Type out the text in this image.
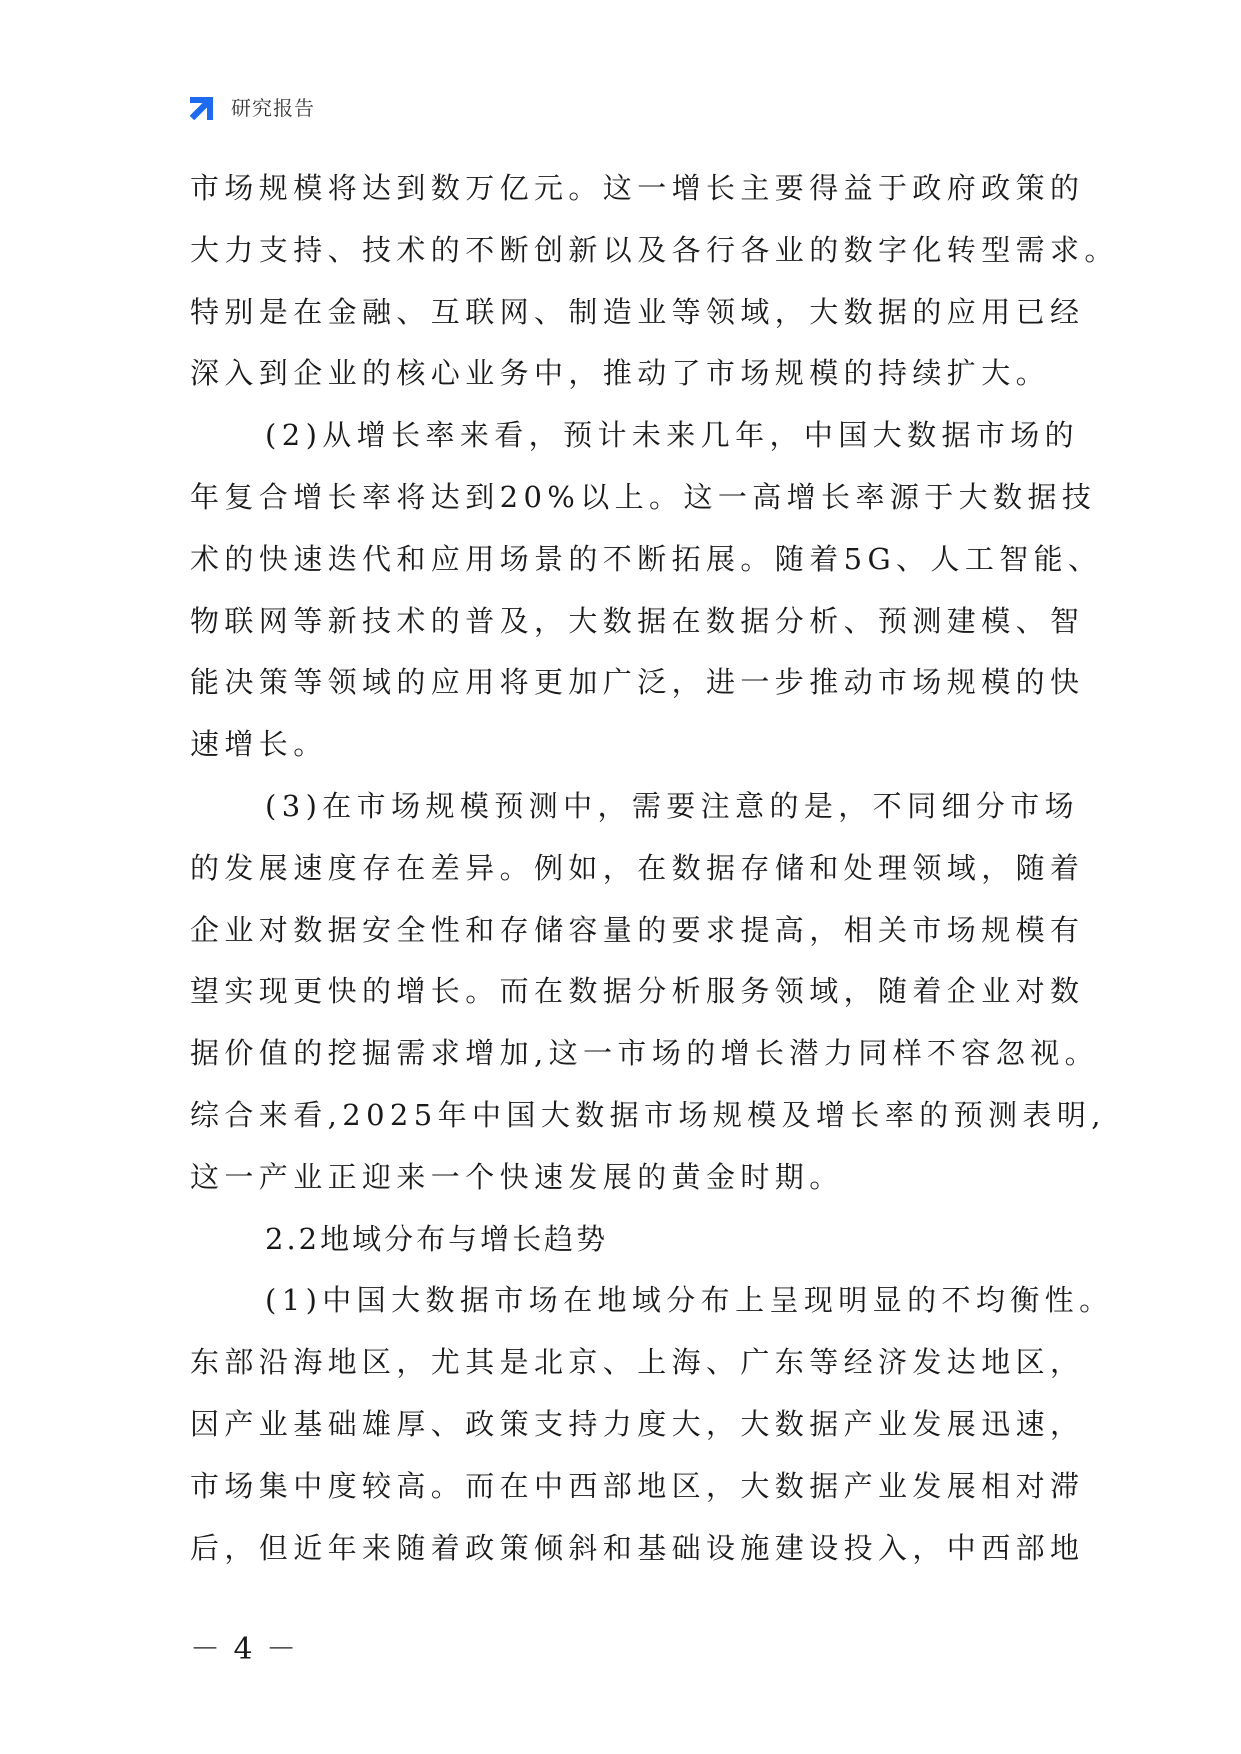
研究报告
市场规模将达到数万亿元。这一增长主要得益于政府政策的
大力支持、技术的不断创新以及各行各业的数字化转型需求。
特别是在金融、互联网、制造业等领域，大数据的应用已经
深入到企业的核心业务中，推动了市场规模的持续扩大。
(2)从增长率来看，预计未来几年，中国大数据市场的
年复合增长率将达到20%以上。这一高增长率源于大数据技
术的快速迭代和应用场景的不断拓展。随着5G、人工智能、
物联网等新技术的普及，大数据在数据分析、预测建模、智
能决策等领域的应用将更加广泛，进一步推动市场规模的快
速增长。
(3)在市场规模预测中，需要注意的是，不同细分市场
的发展速度存在差异。例如，在数据存储和处理领域，随着
企业对数据安全性和存储容量的要求提高，相关市场规模有
望实现更快的增长。而在数据分析服务领域，随着企业对数
据价值的挖掘需求增加,这一市场的增长潜力同样不容忽视。
综合来看,2025年中国大数据市场规模及增长率的预测表明,
这一产业正迎来一个快速发展的黄金时期。
2.2地域分布与增长趋势
(1)中国大数据市场在地域分布上呈现明显的不均衡性。
东部沿海地区，尤其是北京、上海、广东等经济发达地区，
因产业基础雄厚、政策支持力度大，大数据产业发展迅速，
市场集中度较高。而在中西部地区，大数据产业发展相对滞
后，但近年来随着政策倾斜和基础设施建设投入，中西部地
－ 4 －
